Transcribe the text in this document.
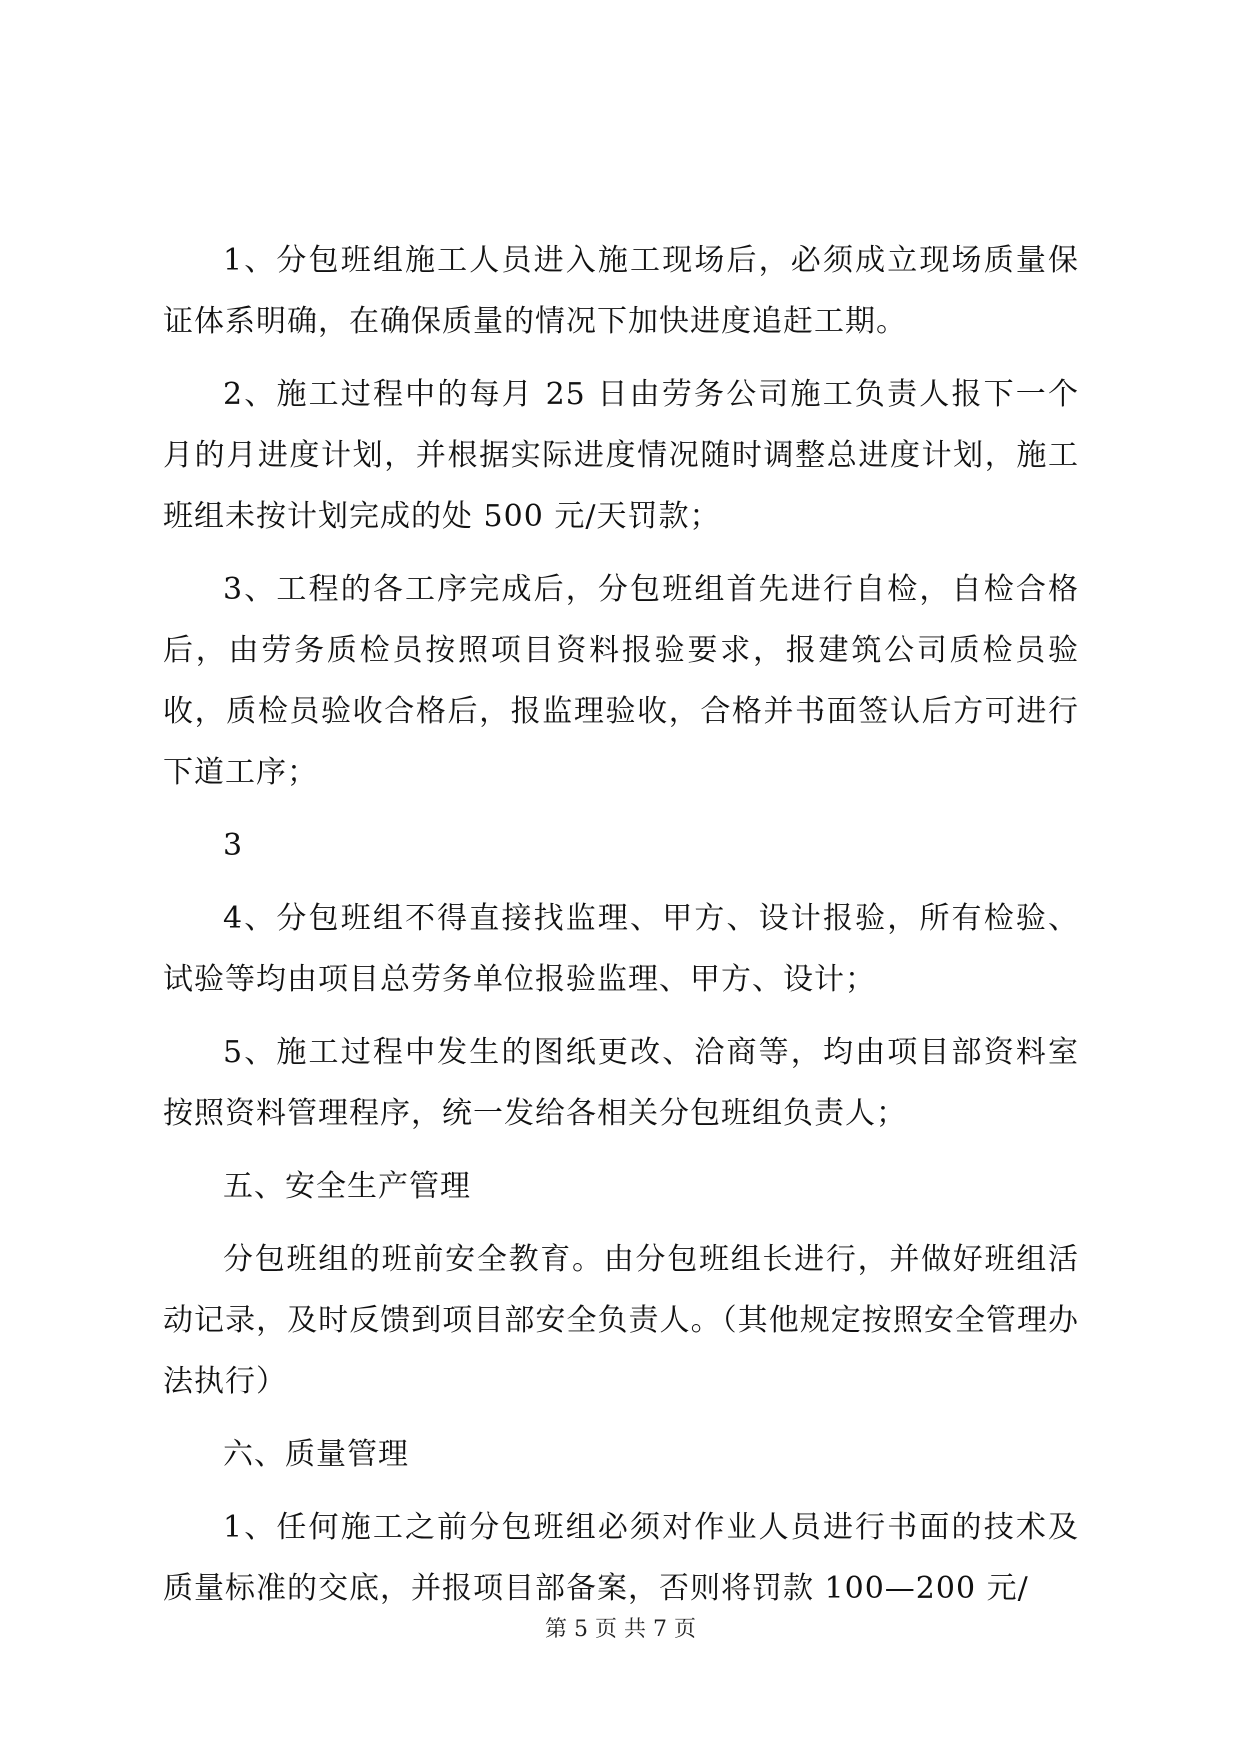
1、分包班组施工人员进入施工现场后，必须成立现场质量保证体系明确，在确保质量的情况下加快进度追赶工期。

2、施工过程中的每月 25 日由劳务公司施工负责人报下一个月的月进度计划，并根据实际进度情况随时调整总进度计划，施工班组未按计划完成的处 500 元/天罚款；

3、工程的各工序完成后，分包班组首先进行自检，自检合格后，由劳务质检员按照项目资料报验要求，报建筑公司质检员验收，质检员验收合格后，报监理验收，合格并书面签认后方可进行下道工序；

3

4、分包班组不得直接找监理、甲方、设计报验，所有检验、试验等均由项目总劳务单位报验监理、甲方、设计；

5、施工过程中发生的图纸更改、洽商等，均由项目部资料室按照资料管理程序，统一发给各相关分包班组负责人；

五、安全生产管理

分包班组的班前安全教育。由分包班组长进行，并做好班组活动记录，及时反馈到项目部安全负责人。（其他规定按照安全管理办法执行）

六、质量管理

1、任何施工之前分包班组必须对作业人员进行书面的技术及质量标准的交底，并报项目部备案，否则将罚款 100—200 元/

第 5 页 共 7 页
